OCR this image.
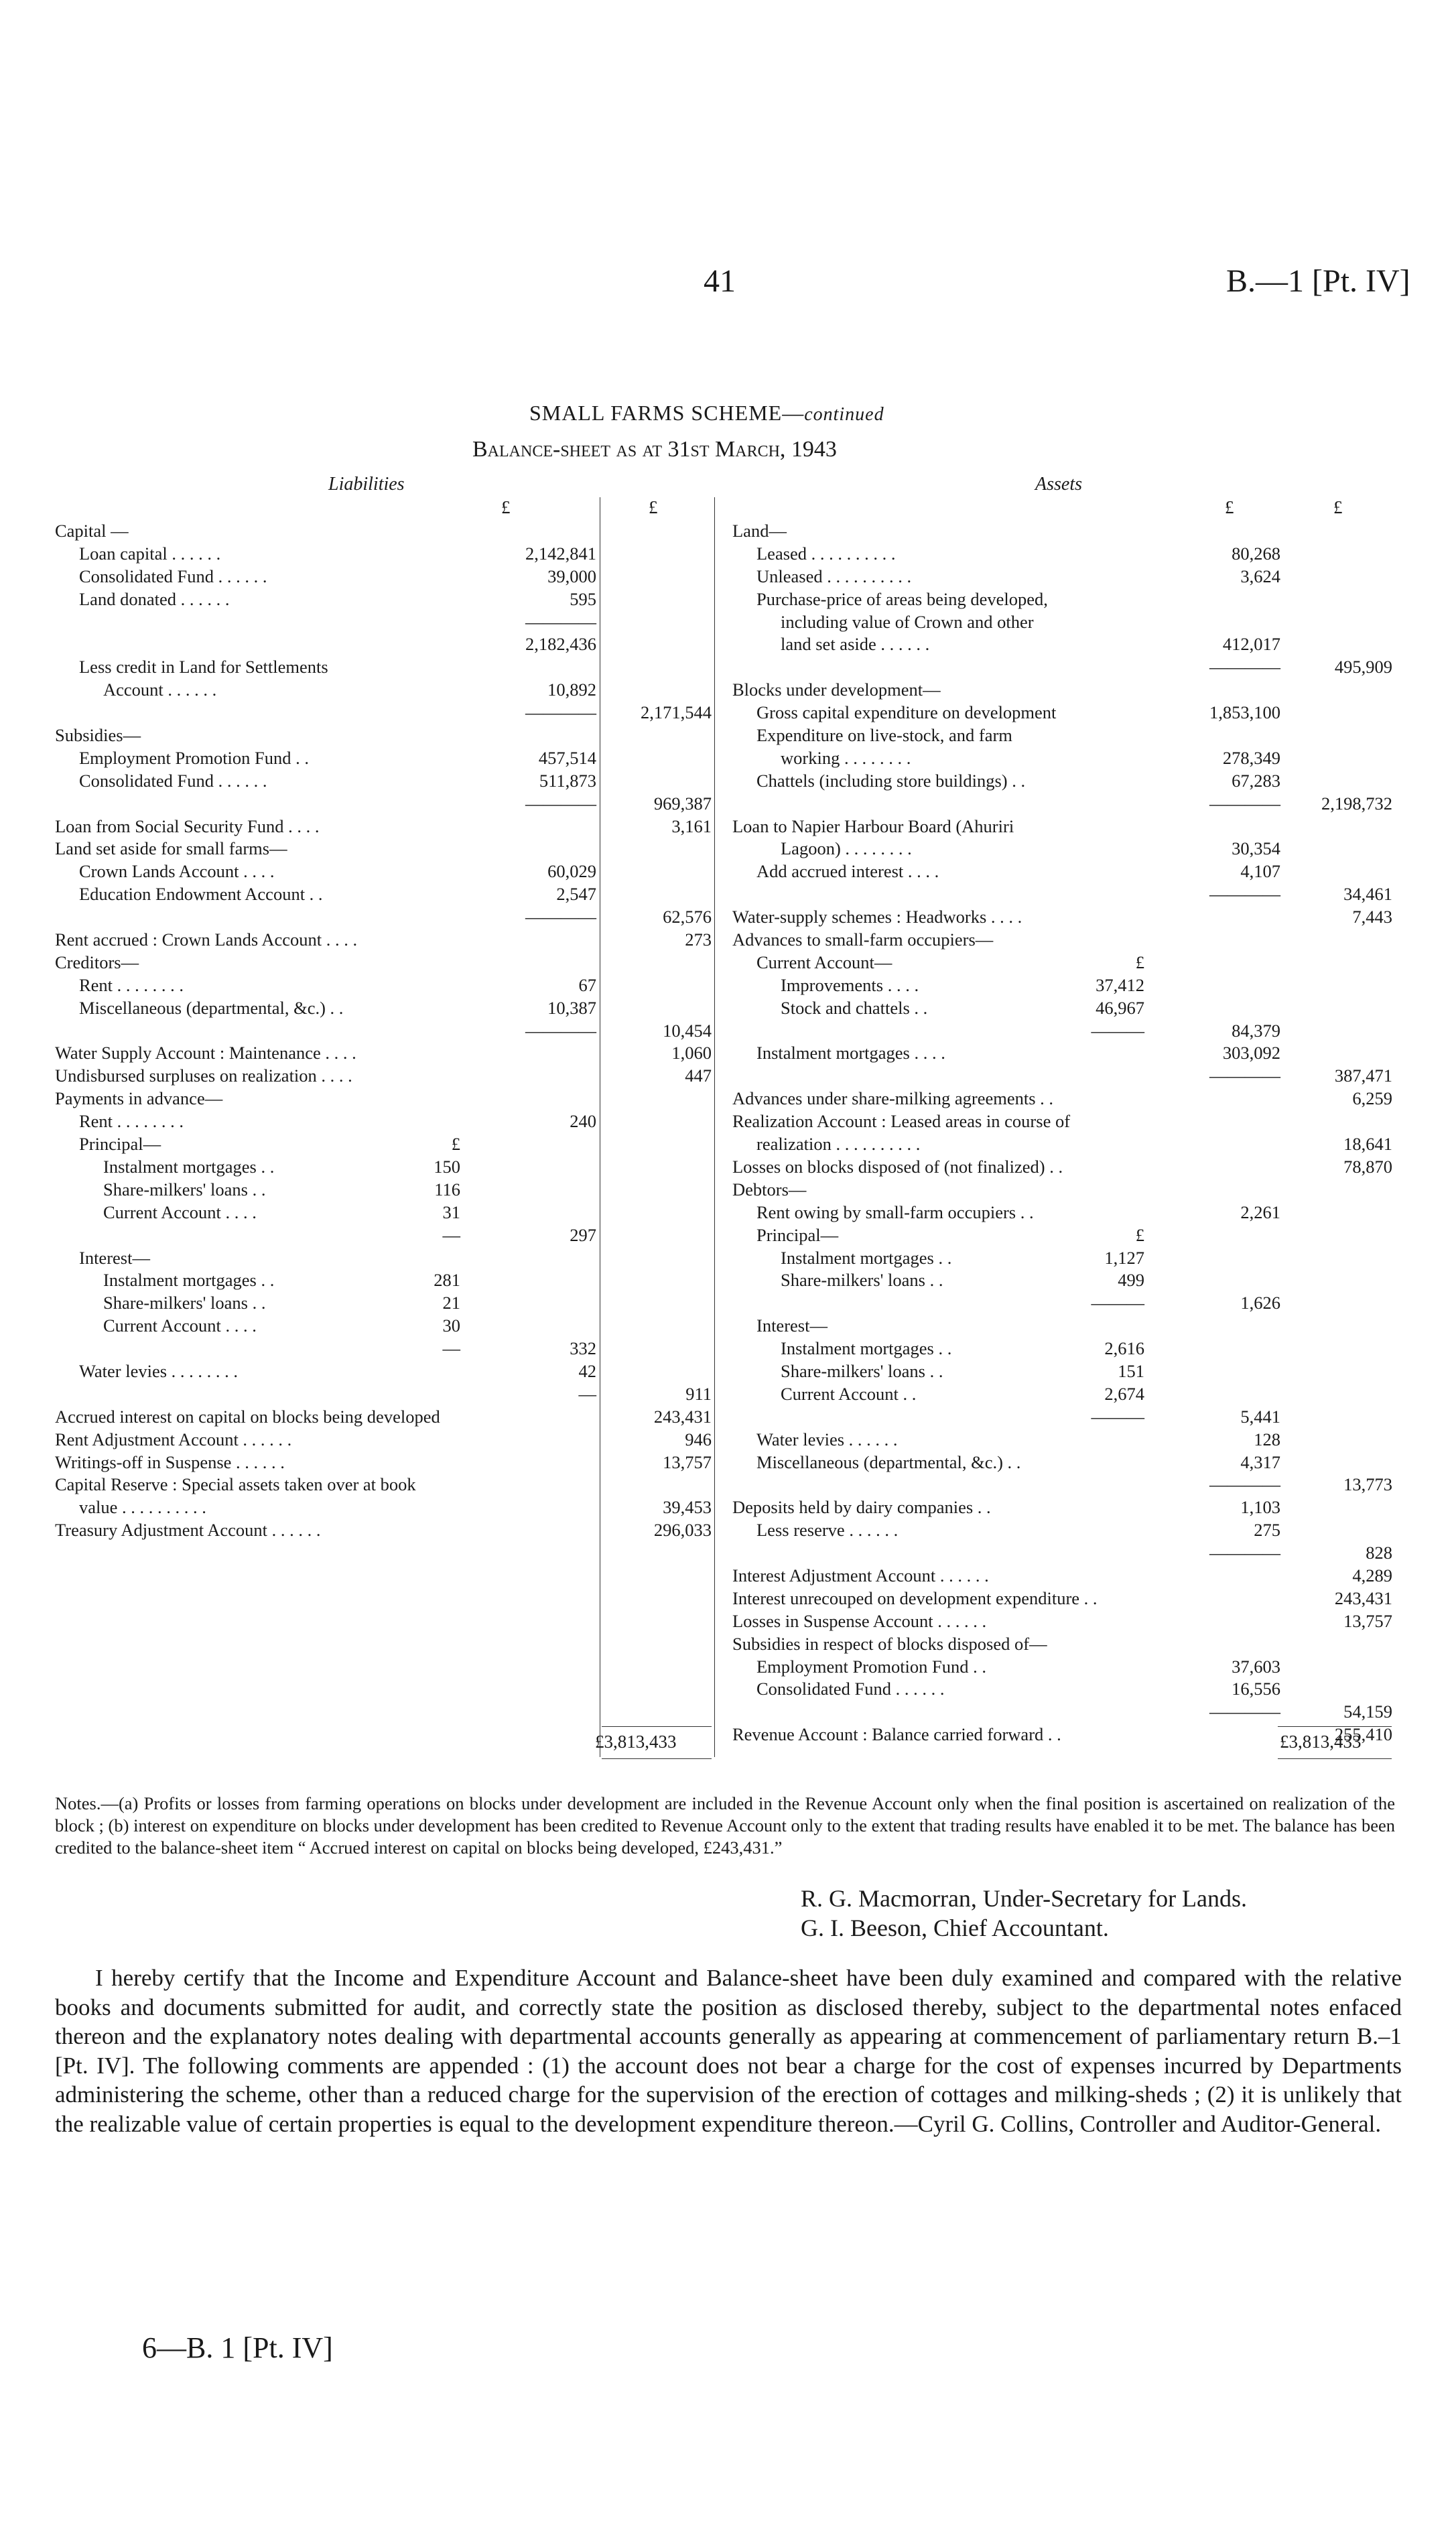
41	B.—1 [Pt. IV]
SMALL FARMS SCHEME—continued
Balance-sheet as at 31st March, 1943
Liabilities	Assets
£	£	£	£
Capital —
Loan capital . . . . . .	2,142,841
Consolidated Fund . . . . . .	39,000
Land donated . . . . . .	595
————
2,182,436
Less credit in Land for Settlements
Account . . . . . .	10,892
————	2,171,544
Subsidies—
Employment Promotion Fund . .	457,514
Consolidated Fund . . . . . .	511,873
————	969,387
Loan from Social Security Fund . . . .	3,161
Land set aside for small farms—
Crown Lands Account . . . .	60,029
Education Endowment Account . .	2,547
————	62,576
Rent accrued : Crown Lands Account . . . .	273
Creditors—
Rent . . . . . . . .	67
Miscellaneous (departmental, &c.) . .	10,387
————	10,454
Water Supply Account : Maintenance . . . .	1,060
Undisbursed surpluses on realization . . . .	447
Payments in advance—
Rent . . . . . . . .	240
Principal—	£
Instalment mortgages . .	150
Share-milkers' loans . .	116
Current Account . . . .	31
—	297
Interest—
Instalment mortgages . .	281
Share-milkers' loans . .	21
Current Account . . . .	30
—	332
Water levies . . . . . . . .	42
—	911
Accrued interest on capital on blocks being developed	243,431
Rent Adjustment Account . . . . . .	946
Writings-off in Suspense . . . . . .	13,757
Capital Reserve : Special assets taken over at book
value . . . . . . . . . .	39,453
Treasury Adjustment Account . . . . . .	296,033
Land—
Leased . . . . . . . . . .	80,268
Unleased . . . . . . . . . .	3,624
Purchase-price of areas being developed,
including value of Crown and other
land set aside . . . . . .	412,017
————	495,909
Blocks under development—
Gross capital expenditure on development	1,853,100
Expenditure on live-stock, and farm
working . . . . . . . .	278,349
Chattels (including store buildings) . .	67,283
————	2,198,732
Loan to Napier Harbour Board (Ahuriri
Lagoon) . . . . . . . .	30,354
Add accrued interest . . . .	4,107
————	34,461
Water-supply schemes : Headworks . . . .	7,443
Advances to small-farm occupiers—
Current Account—	£
Improvements . . . .	37,412
Stock and chattels . .	46,967
———	84,379
Instalment mortgages . . . .	303,092
————	387,471
Advances under share-milking agreements . .	6,259
Realization Account : Leased areas in course of
realization . . . . . . . . . .	18,641
Losses on blocks disposed of (not finalized) . .	78,870
Debtors—
Rent owing by small-farm occupiers . .	2,261
Principal—	£
Instalment mortgages . .	1,127
Share-milkers' loans . .	499
———	1,626
Interest—
Instalment mortgages . .	2,616
Share-milkers' loans . .	151
Current Account . .	2,674
———	5,441
Water levies . . . . . .	128
Miscellaneous (departmental, &c.) . .	4,317
————	13,773
Deposits held by dairy companies . .	1,103
Less reserve . . . . . .	275
————	828
Interest Adjustment Account . . . . . .	4,289
Interest unrecouped on development expenditure . .	243,431
Losses in Suspense Account . . . . . .	13,757
Subsidies in respect of blocks disposed of—
Employment Promotion Fund . .	37,603
Consolidated Fund . . . . . .	16,556
————	54,159
Revenue Account : Balance carried forward . .	255,410
£3,813,433	£3,813,433
Notes.—(a) Profits or losses from farming operations on blocks under development are included in the Revenue Account only when the final position is ascertained on realization of the block ; (b) interest on expenditure on blocks under development has been credited to Revenue Account only to the extent that trading results have enabled it to be met. The balance has been credited to the balance-sheet item “ Accrued interest on capital on blocks being developed, £243,431.”
R. G. Macmorran, Under-Secretary for Lands.
G. I. Beeson, Chief Accountant.
I hereby certify that the Income and Expenditure Account and Balance-sheet have been duly examined and compared with the relative books and documents submitted for audit, and correctly state the position as disclosed thereby, subject to the departmental notes enfaced thereon and the explanatory notes dealing with departmental accounts generally as appearing at commencement of parliamentary return B.–1 [Pt. IV]. The following comments are appended : (1) the account does not bear a charge for the cost of expenses incurred by Departments administering the scheme, other than a reduced charge for the supervision of the erection of cottages and milking-sheds ; (2) it is unlikely that the realizable value of certain properties is equal to the development expenditure thereon.—Cyril G. Collins, Controller and Auditor-General.
6—B. 1 [Pt. IV]
